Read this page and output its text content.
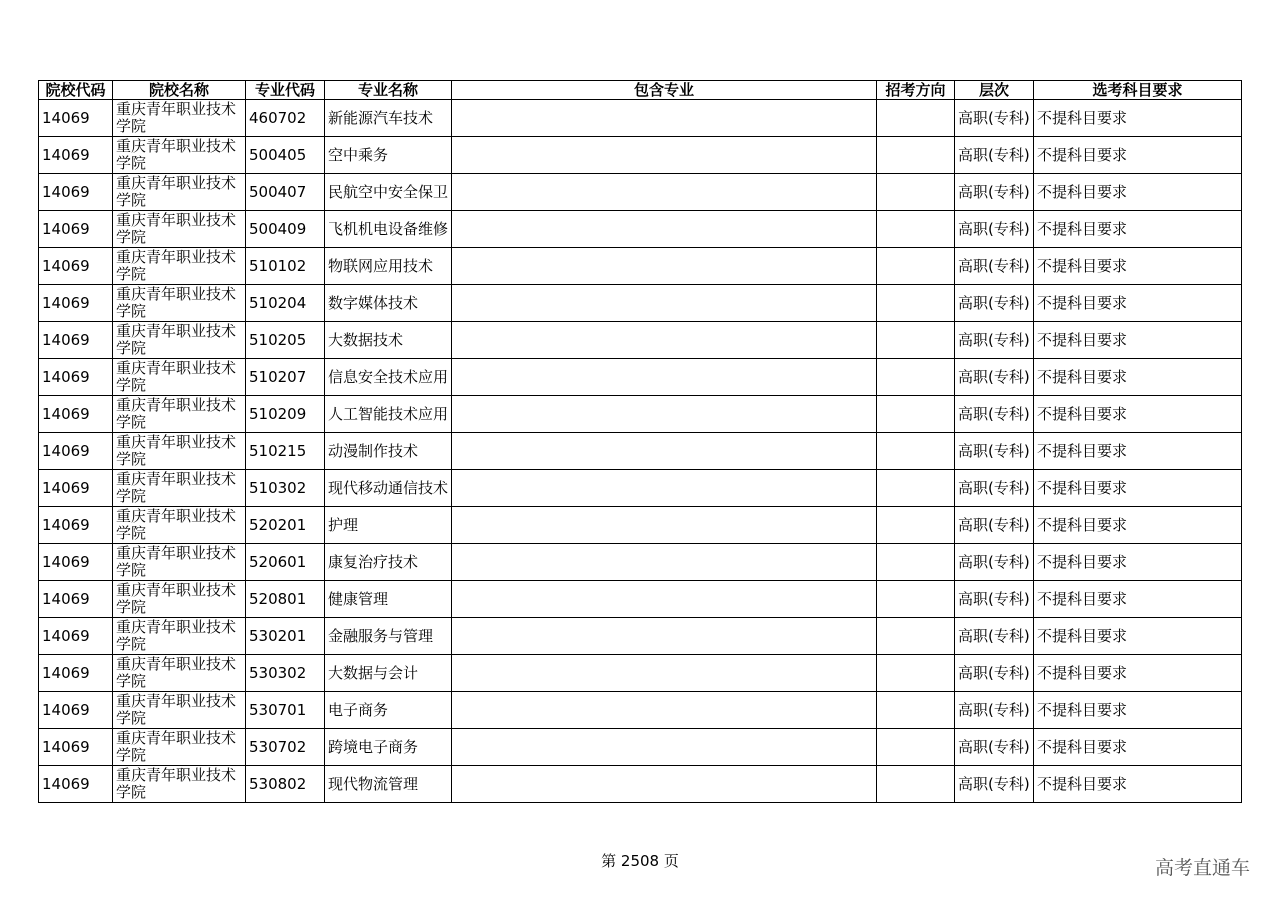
院校代码	院校名称	专业代码	专业名称	包含专业	招考方向	层次	选考科目要求
14069	重庆青年职业技术学院	460702	新能源汽车技术			高职(专科)	不提科目要求
14069	重庆青年职业技术学院	500405	空中乘务			高职(专科)	不提科目要求
14069	重庆青年职业技术学院	500407	民航空中安全保卫			高职(专科)	不提科目要求
14069	重庆青年职业技术学院	500409	飞机机电设备维修			高职(专科)	不提科目要求
14069	重庆青年职业技术学院	510102	物联网应用技术			高职(专科)	不提科目要求
14069	重庆青年职业技术学院	510204	数字媒体技术			高职(专科)	不提科目要求
14069	重庆青年职业技术学院	510205	大数据技术			高职(专科)	不提科目要求
14069	重庆青年职业技术学院	510207	信息安全技术应用			高职(专科)	不提科目要求
14069	重庆青年职业技术学院	510209	人工智能技术应用			高职(专科)	不提科目要求
14069	重庆青年职业技术学院	510215	动漫制作技术			高职(专科)	不提科目要求
14069	重庆青年职业技术学院	510302	现代移动通信技术			高职(专科)	不提科目要求
14069	重庆青年职业技术学院	520201	护理			高职(专科)	不提科目要求
14069	重庆青年职业技术学院	520601	康复治疗技术			高职(专科)	不提科目要求
14069	重庆青年职业技术学院	520801	健康管理			高职(专科)	不提科目要求
14069	重庆青年职业技术学院	530201	金融服务与管理			高职(专科)	不提科目要求
14069	重庆青年职业技术学院	530302	大数据与会计			高职(专科)	不提科目要求
14069	重庆青年职业技术学院	530701	电子商务			高职(专科)	不提科目要求
14069	重庆青年职业技术学院	530702	跨境电子商务			高职(专科)	不提科目要求
14069	重庆青年职业技术学院	530802	现代物流管理			高职(专科)	不提科目要求
第 2508 页	高考直通车
